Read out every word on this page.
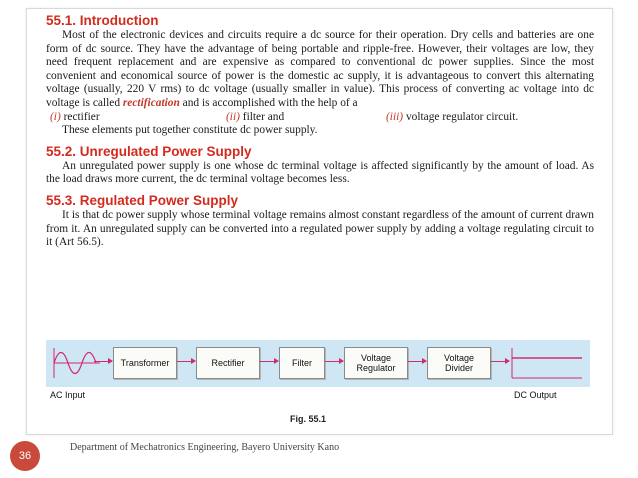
55.1. Introduction

Most of the electronic devices and circuits require a dc source for their operation. Dry cells and batteries are one form of dc source. They have the advantage of being portable and ripple-free. However, their voltages are low, they need frequent replacement and are expensive as compared to conventional dc power supplies. Since the most convenient and economical source of power is the domestic ac supply, it is advantageous to convert this alternating voltage (usually, 220 V rms) to dc voltage (usually smaller in value). This process of converting ac voltage into dc voltage is called rectification and is accomplished with the help of a

(i) rectifier	(ii) filter and	(iii) voltage regulator circuit.
These elements put together constitute dc power supply.
55.2. Unregulated Power Supply

An unregulated power supply is one whose dc terminal voltage is affected significantly by the amount of load. As the load draws more current, the dc terminal voltage becomes less.

55.3. Regulated Power Supply

It is that dc power supply whose terminal voltage remains almost constant regardless of the amount of current drawn from it. An unregulated supply can be converted into a regulated power supply by adding a voltage regulating circuit to it (Art 56.5).

Transformer	Rectifier	Filter	Voltage
Regulator
Voltage
Divider
AC Input	DC Output
Fig. 55.1
36
Department of Mechatronics Engineering, Bayero University Kano
